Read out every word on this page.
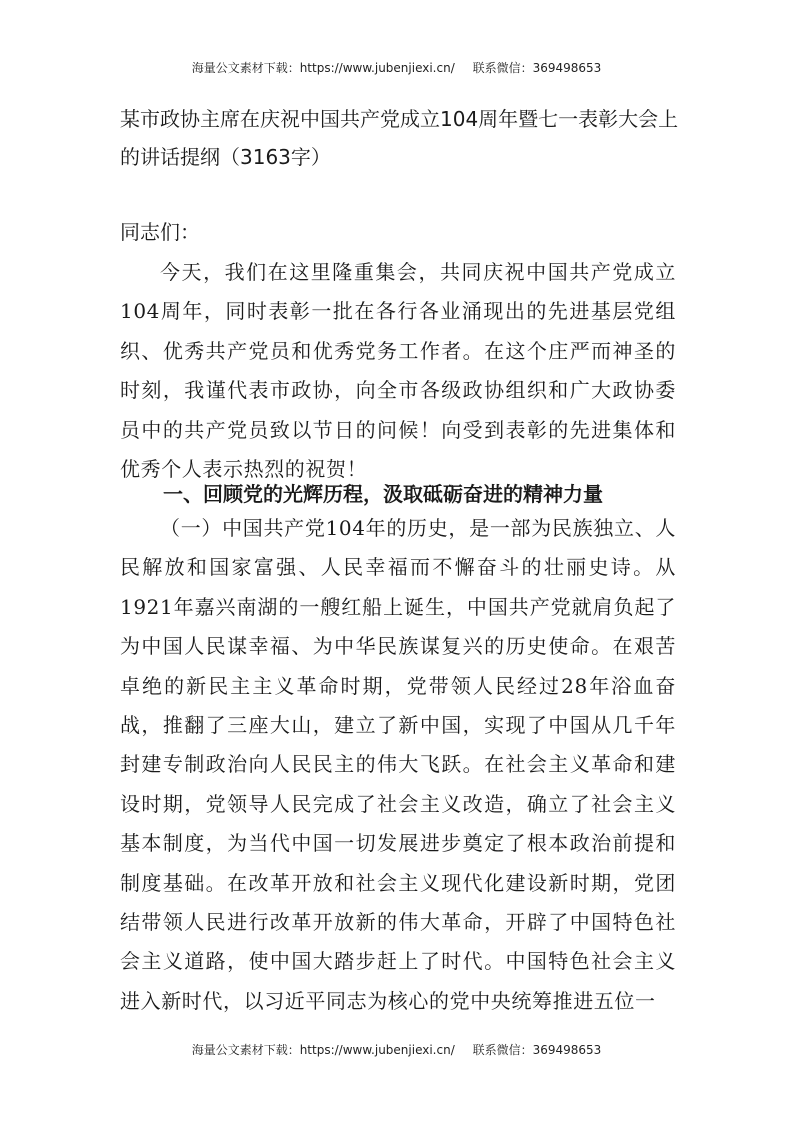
海量公文素材下载：https://www.jubenjiexi.cn/ 联系微信：369498653
某市政协主席在庆祝中国共产党成立104周年暨七一表彰大会上的讲话提纲（3163字）

同志们：

今天，我们在这里隆重集会，共同庆祝中国共产党成立104周年，同时表彰一批在各行各业涌现出的先进基层党组织、优秀共产党员和优秀党务工作者。在这个庄严而神圣的时刻，我谨代表市政协，向全市各级政协组织和广大政协委员中的共产党员致以节日的问候！向受到表彰的先进集体和优秀个人表示热烈的祝贺！

一、回顾党的光辉历程，汲取砥砺奋进的精神力量

（一）中国共产党104年的历史，是一部为民族独立、人民解放和国家富强、人民幸福而不懈奋斗的壮丽史诗。从1921年嘉兴南湖的一艘红船上诞生，中国共产党就肩负起了为中国人民谋幸福、为中华民族谋复兴的历史使命。在艰苦卓绝的新民主主义革命时期，党带领人民经过28年浴血奋战，推翻了三座大山，建立了新中国，实现了中国从几千年封建专制政治向人民民主的伟大飞跃。在社会主义革命和建设时期，党领导人民完成了社会主义改造，确立了社会主义基本制度，为当代中国一切发展进步奠定了根本政治前提和制度基础。在改革开放和社会主义现代化建设新时期，党团结带领人民进行改革开放新的伟大革命，开辟了中国特色社会主义道路，使中国大踏步赶上了时代。中国特色社会主义进入新时代，以习近平同志为核心的党中央统筹推进五位一

海量公文素材下载：https://www.jubenjiexi.cn/ 联系微信：369498653
